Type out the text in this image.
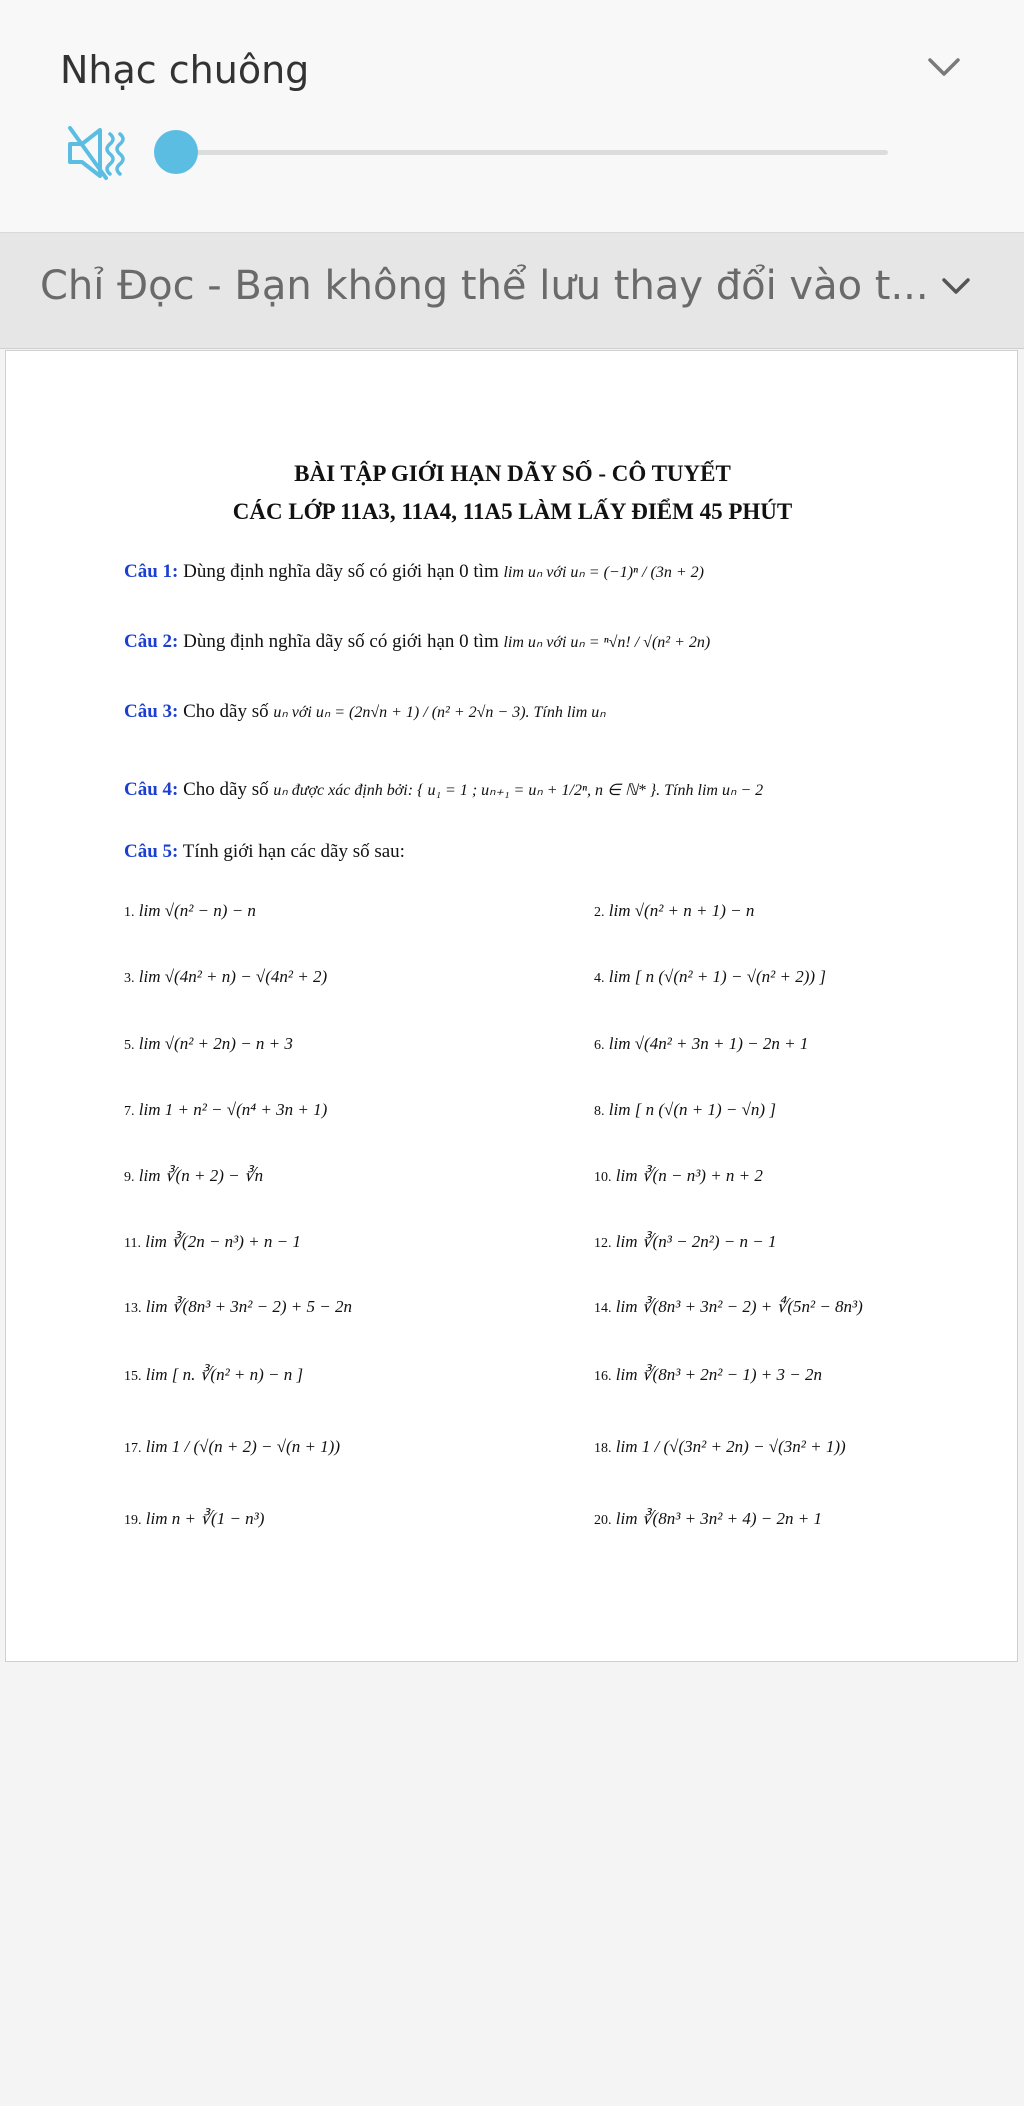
Nhạc chuông
Chỉ Đọc - Bạn không thể lưu thay đổi vào t...
BÀI TẬP GIỚI HẠN DÃY SỐ - CÔ TUYẾT
CÁC LỚP 11A3, 11A4, 11A5 LÀM LẤY ĐIỂM 45 PHÚT
Câu 1: Dùng định nghĩa dãy số có giới hạn 0 tìm lim uₙ với uₙ = (−1)ⁿ / (3n + 2)
Câu 2: Dùng định nghĩa dãy số có giới hạn 0 tìm lim uₙ với uₙ = ⁿ√n! / √(n² + 2n)
Câu 3: Cho dãy số uₙ với uₙ = (2n√n + 1) / (n² + 2√n − 3). Tính lim uₙ
Câu 4: Cho dãy số uₙ được xác định bởi: { u₁ = 1 ; uₙ₊₁ = uₙ + 1/2ⁿ, n ∈ ℕ* }. Tính lim uₙ − 2
Câu 5: Tính giới hạn các dãy số sau:
1. lim √(n² − n) − n	2. lim √(n² + n + 1) − n
3. lim √(4n² + n) − √(4n² + 2)	4. lim [ n (√(n² + 1) − √(n² + 2)) ]
5. lim √(n² + 2n) − n + 3	6. lim √(4n² + 3n + 1) − 2n + 1
7. lim 1 + n² − √(n⁴ + 3n + 1)	8. lim [ n (√(n + 1) − √n) ]
9. lim ∛(n + 2) − ∛n	10. lim ∛(n − n³) + n + 2
11. lim ∛(2n − n³) + n − 1	12. lim ∛(n³ − 2n²) − n − 1
13. lim ∛(8n³ + 3n² − 2) + 5 − 2n	14. lim ∛(8n³ + 3n² − 2) + ∜(5n² − 8n³)
15. lim [ n. ∛(n² + n) − n ]	16. lim ∛(8n³ + 2n² − 1) + 3 − 2n
17. lim 1 / (√(n + 2) − √(n + 1))	18. lim 1 / (√(3n² + 2n) − √(3n² + 1))
19. lim n + ∛(1 − n³)	20. lim ∛(8n³ + 3n² + 4) − 2n + 1
